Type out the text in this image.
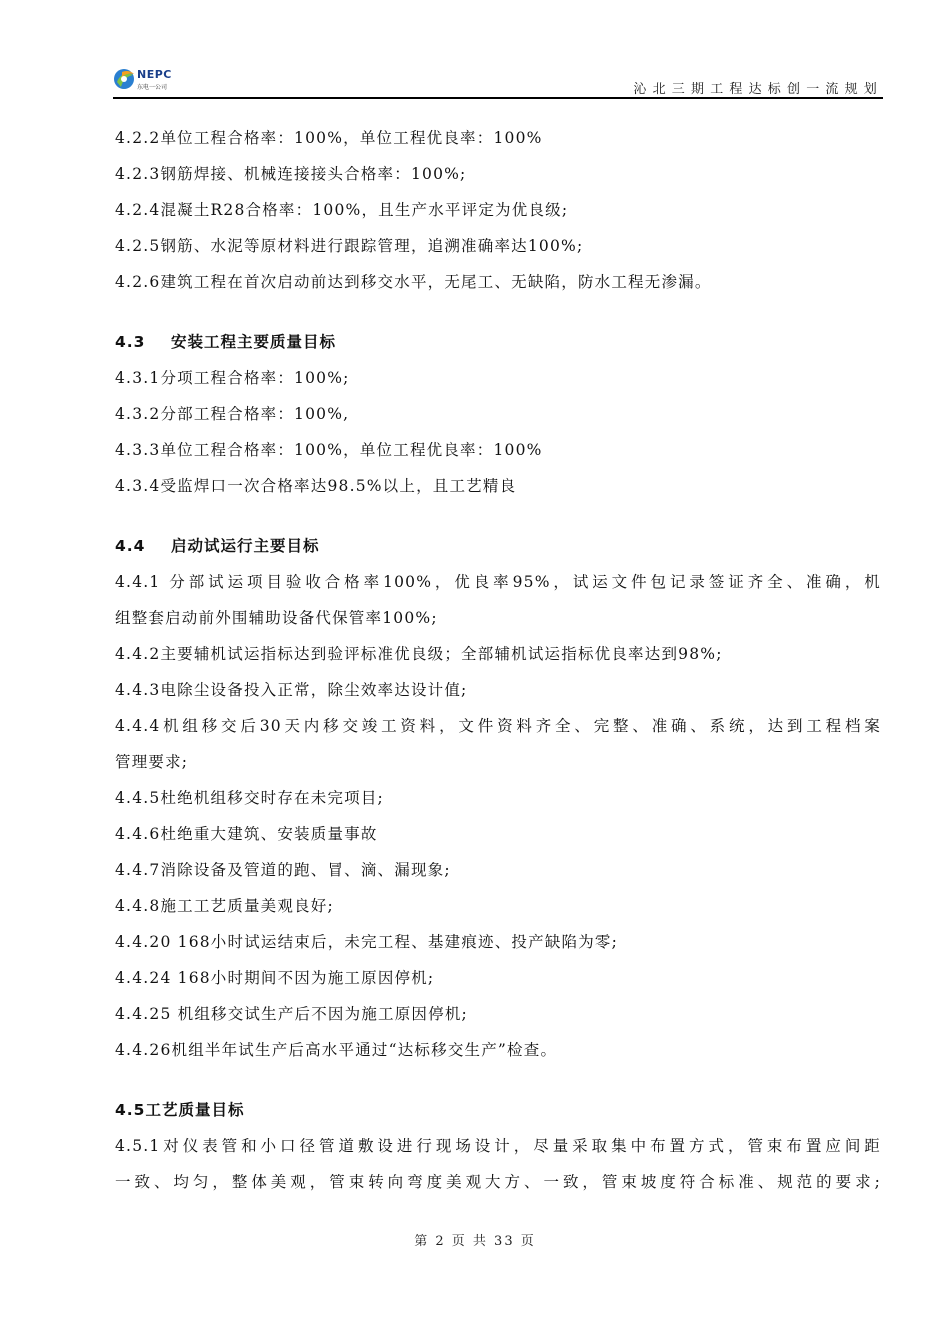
NEPC
东电一公司	沁北三期工程达标创一流规划
4.2.2单位工程合格率：100%，单位工程优良率：100%
4.2.3钢筋焊接、机械连接接头合格率：100%;
4.2.4混凝土R28合格率：100%，且生产水平评定为优良级;
4.2.5钢筋、水泥等原材料进行跟踪管理，追溯准确率达100%;
4.2.6建筑工程在首次启动前达到移交水平，无尾工、无缺陷，防水工程无渗漏。
4.3 安装工程主要质量目标
4.3.1分项工程合格率：100%;
4.3.2分部工程合格率：100%,
4.3.3单位工程合格率：100%，单位工程优良率：100%
4.3.4受监焊口一次合格率达98.5%以上，且工艺精良
4.4 启动试运行主要目标
4.4.1 分部试运项目验收合格率100%，优良率95%，试运文件包记录签证齐全、准确，机
组整套启动前外围辅助设备代保管率100%;
4.4.2主要辅机试运指标达到验评标准优良级；全部辅机试运指标优良率达到98%;
4.4.3电除尘设备投入正常，除尘效率达设计值;
4.4.4机组移交后30天内移交竣工资料，文件资料齐全、完整、准确、系统，达到工程档案
管理要求;
4.4.5杜绝机组移交时存在未完项目;
4.4.6杜绝重大建筑、安装质量事故
4.4.7消除设备及管道的跑、冒、滴、漏现象;
4.4.8施工工艺质量美观良好;
4.4.20 168小时试运结束后，未完工程、基建痕迹、投产缺陷为零;
4.4.24 168小时期间不因为施工原因停机;
4.4.25 机组移交试生产后不因为施工原因停机;
4.4.26机组半年试生产后高水平通过“达标移交生产”检查。
4.5工艺质量目标
4.5.1对仪表管和小口径管道敷设进行现场设计，尽量采取集中布置方式，管束布置应间距
一致、均匀，整体美观，管束转向弯度美观大方、一致，管束坡度符合标准、规范的要求;
第 2 页 共 33 页
